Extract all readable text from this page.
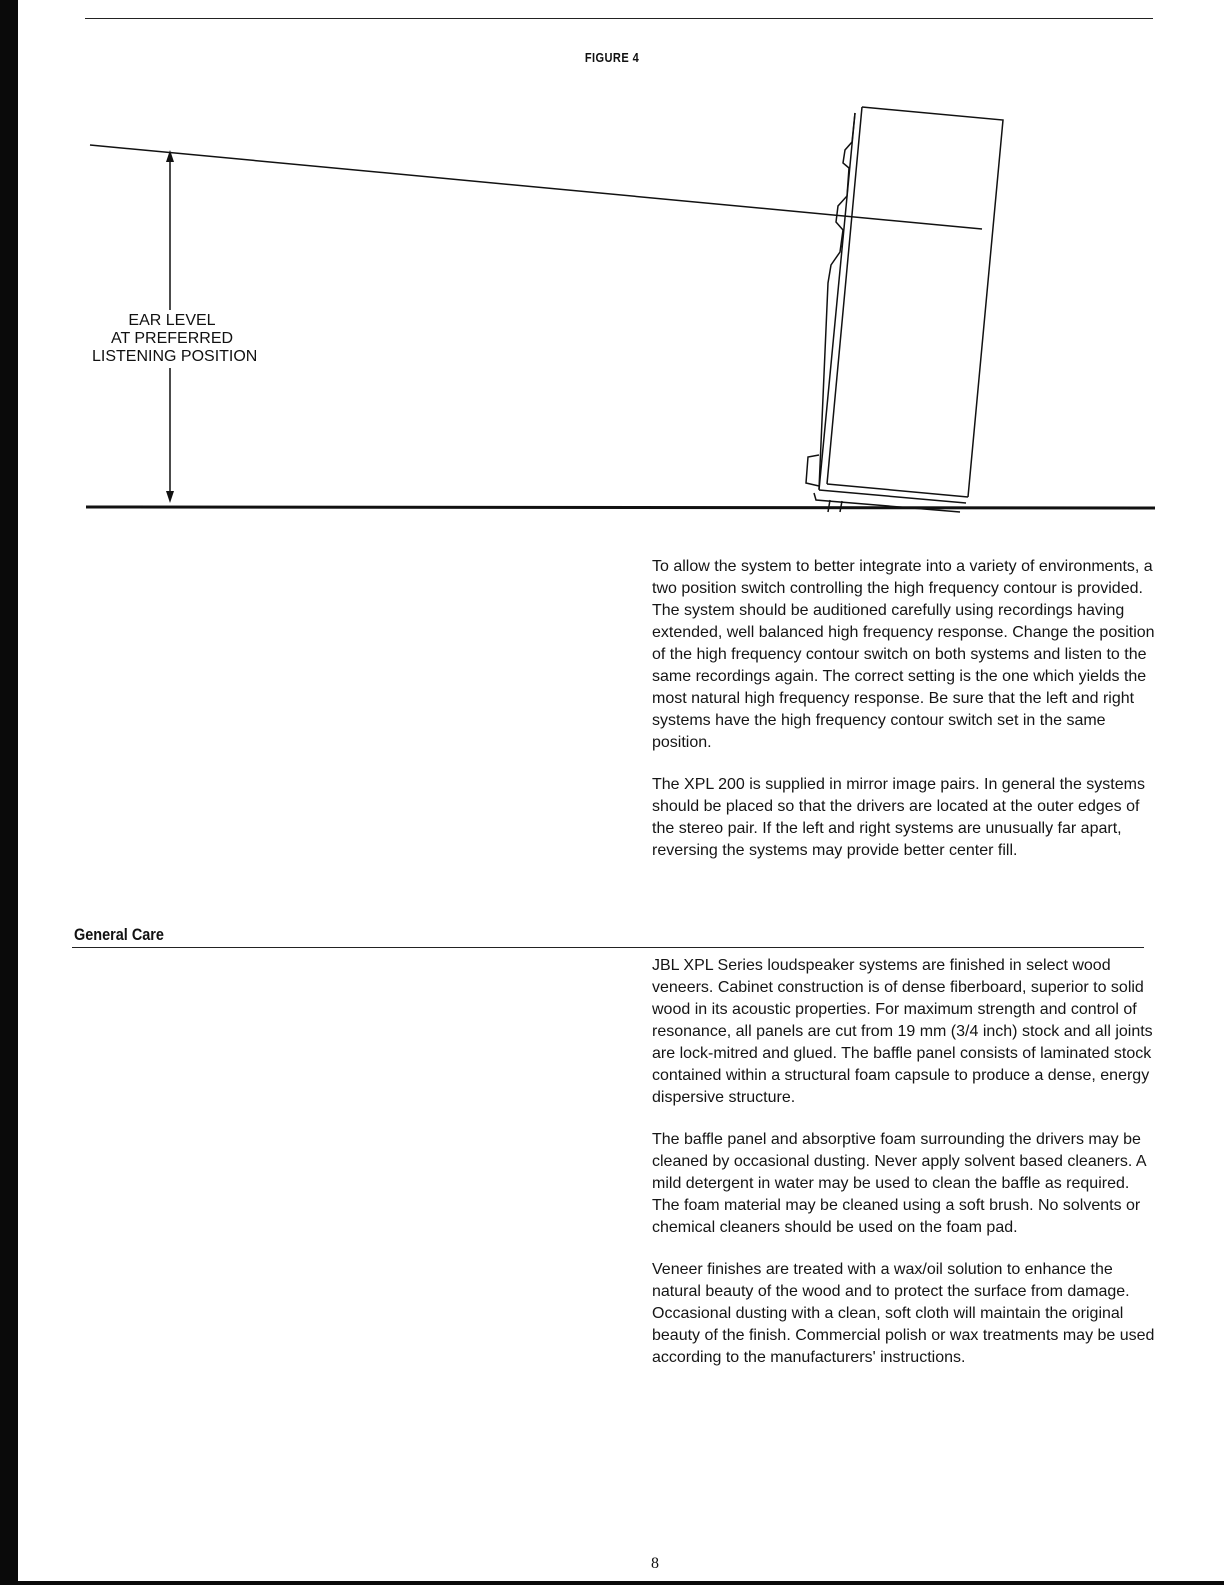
FIGURE 4
EAR LEVEL
AT PREFERRED
LISTENING POSITION

To allow the system to better integrate into a variety of environments, a two position switch controlling the high frequency contour is provided. The system should be auditioned carefully using recordings having extended, well balanced high frequency response. Change the position of the high frequency contour switch on both systems and listen to the same recordings again. The correct setting is the one which yields the most natural high frequency response. Be sure that the left and right systems have the high frequency contour switch set in the same position.

The XPL 200 is supplied in mirror image pairs. In general the systems should be placed so that the drivers are located at the outer edges of the stereo pair. If the left and right systems are unusually far apart, reversing the systems may provide better center fill.

General Care

JBL XPL Series loudspeaker systems are finished in select wood veneers. Cabinet construction is of dense fiberboard, superior to solid wood in its acoustic properties. For maximum strength and control of resonance, all panels are cut from 19 mm (3/4 inch) stock and all joints are lock-mitred and glued. The baffle panel consists of laminated stock contained within a structural foam capsule to produce a dense, energy dispersive structure.

The baffle panel and absorptive foam surrounding the drivers may be cleaned by occasional dusting. Never apply solvent based cleaners. A mild detergent in water may be used to clean the baffle as required. The foam material may be cleaned using a soft brush. No solvents or chemical cleaners should be used on the foam pad.

Veneer finishes are treated with a wax/oil solution to enhance the natural beauty of the wood and to protect the surface from damage. Occasional dusting with a clean, soft cloth will maintain the original beauty of the finish. Commercial polish or wax treatments may be used according to the manufacturers' instructions.

8
